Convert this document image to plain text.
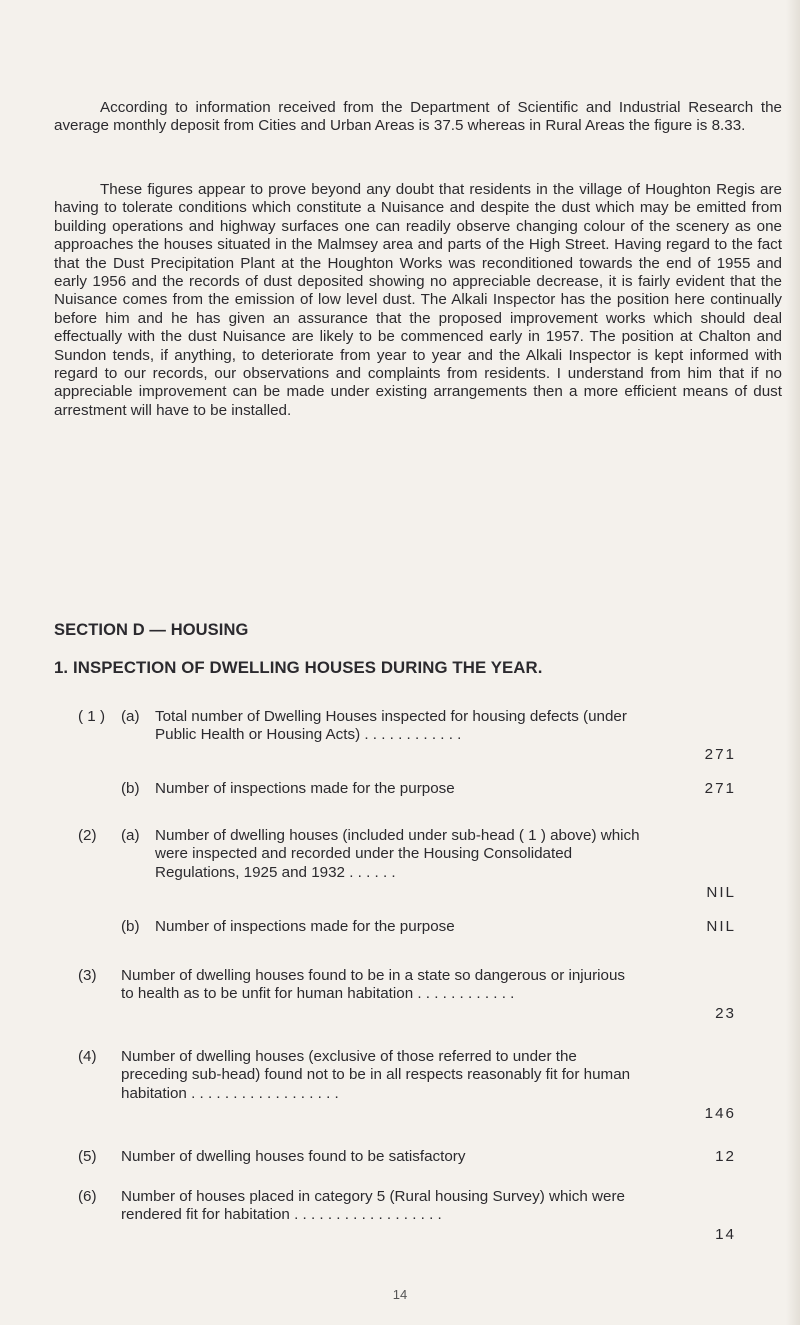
According to information received from the Department of Scientific and Industrial Research the average monthly deposit from Cities and Urban Areas is 37.5 whereas in Rural Areas the figure is 8.33.

These figures appear to prove beyond any doubt that residents in the village of Houghton Regis are having to tolerate conditions which constitute a Nuisance and despite the dust which may be emitted from building operations and highway surfaces one can readily observe changing colour of the scenery as one approaches the houses situated in the Malmsey area and parts of the High Street. Having regard to the fact that the Dust Precipitation Plant at the Houghton Works was reconditioned towards the end of 1955 and early 1956 and the records of dust deposited showing no appreciable decrease, it is fairly evident that the Nuisance comes from the emission of low level dust. The Alkali Inspector has the position here continually before him and he has given an assurance that the proposed improvement works which should deal effectually with the dust Nuisance are likely to be commenced early in 1957. The position at Chalton and Sundon tends, if anything, to deteriorate from year to year and the Alkali Inspector is kept informed with regard to our records, our observations and complaints from residents. I understand from him that if no appreciable improvement can be made under existing arrangements then a more efficient means of dust arrestment will have to be installed.

SECTION D — HOUSING
1. INSPECTION OF DWELLING HOUSES DURING THE YEAR.
( 1 )	(a)	Total number of Dwelling Houses inspected for housing defects (under Public Health or Housing Acts) . . . . . . . . . . . .
271
(b)	Number of inspections made for the purpose	271
(2)	(a)	Number of dwelling houses (included under sub-head ( 1 ) above) which were inspected and recorded under the Housing Consolidated Regulations, 1925 and 1932 . . . . . .
NIL
(b)	Number of inspections made for the purpose	NIL
(3)	Number of dwelling houses found to be in a state so dangerous or injurious to health as to be unfit for human habitation . . . . . . . . . . . .
23
(4)	Number of dwelling houses (exclusive of those referred to under the preceding sub-head) found not to be in all respects reasonably fit for human habitation . . . . . . . . . . . . . . . . . .
146
(5)	Number of dwelling houses found to be satisfactory	12
(6)	Number of houses placed in category 5 (Rural housing Survey) which were rendered fit for habitation . . . . . . . . . . . . . . . . . .
14
14
